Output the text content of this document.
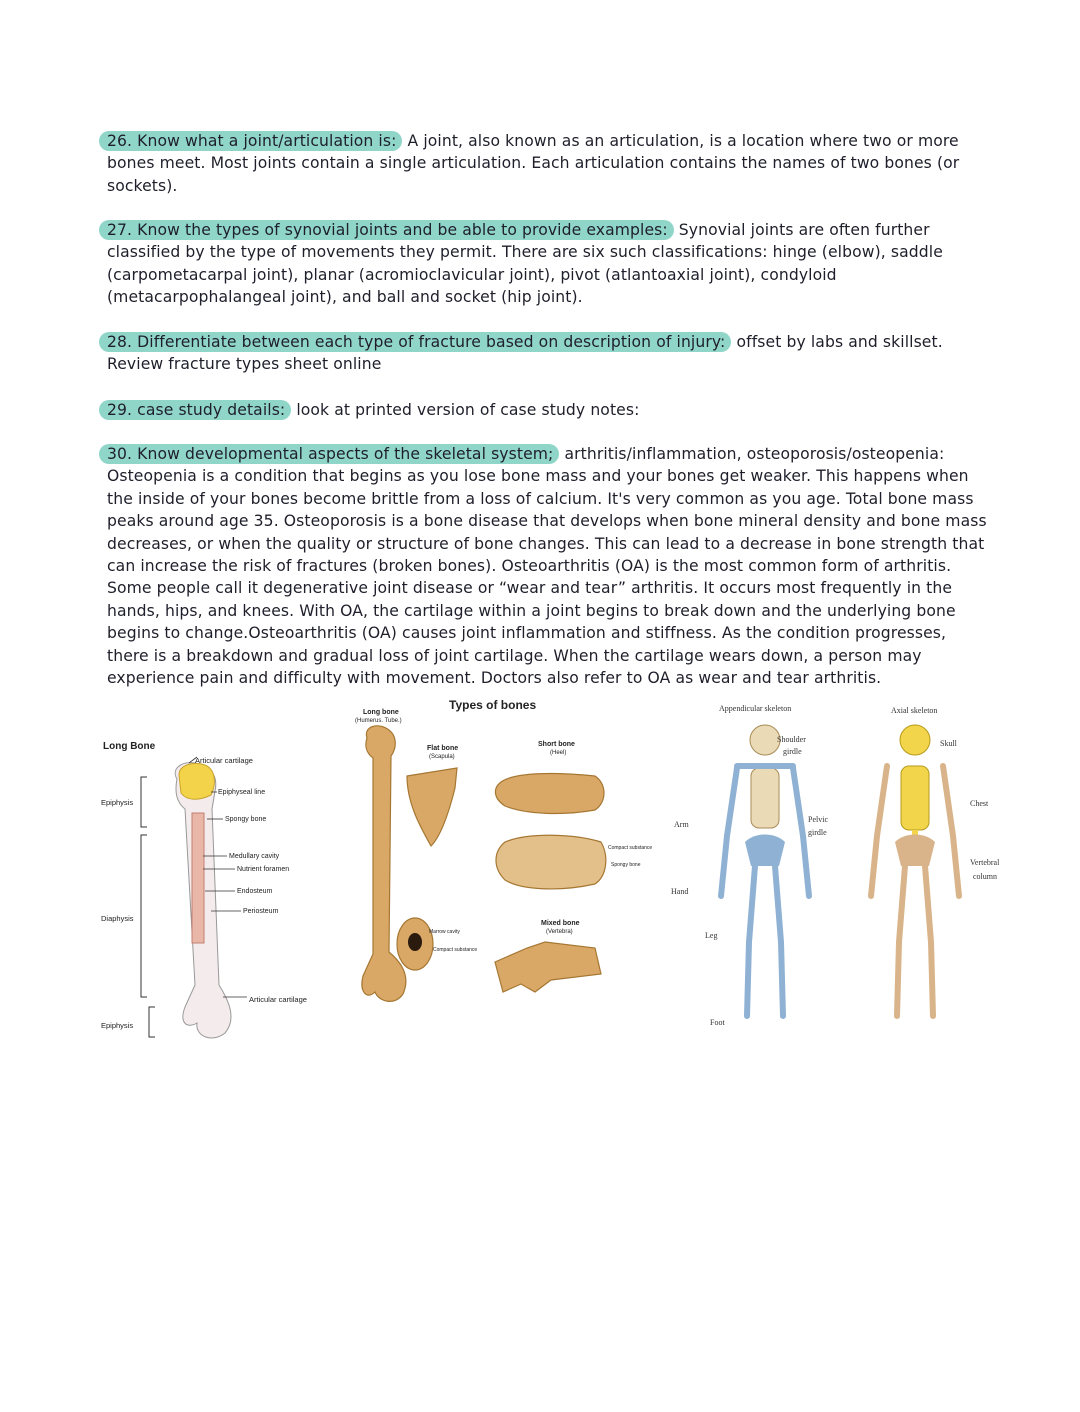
26. Know what a joint/articulation is: A joint, also known as an articulation, is a location where two or more bones meet. Most joints contain a single articulation. Each articulation contains the names of two bones (or sockets).
27. Know the types of synovial joints and be able to provide examples: Synovial joints are often further classified by the type of movements they permit. There are six such classifications: hinge (elbow), saddle (carpometacarpal joint), planar (acromioclavicular joint), pivot (atlantoaxial joint), condyloid (metacarpophalangeal joint), and ball and socket (hip joint).
28. Differentiate between each type of fracture based on description of injury: offset by labs and skillset. Review fracture types sheet online
29. case study details: look at printed version of case study notes:
30. Know developmental aspects of the skeletal system; arthritis/inflammation, osteoporosis/osteopenia: Osteopenia is a condition that begins as you lose bone mass and your bones get weaker. This happens when the inside of your bones become brittle from a loss of calcium. It's very common as you age. Total bone mass peaks around age 35. Osteoporosis is a bone disease that develops when bone mineral density and bone mass decreases, or when the quality or structure of bone changes. This can lead to a decrease in bone strength that can increase the risk of fractures (broken bones). Osteoarthritis (OA) is the most common form of arthritis. Some people call it degenerative joint disease or “wear and tear” arthritis. It occurs most frequently in the hands, hips, and knees. With OA, the cartilage within a joint begins to break down and the underlying bone begins to change.Osteoarthritis (OA) causes joint inflammation and stiffness. As the condition progresses, there is a breakdown and gradual loss of joint cartilage. When the cartilage wears down, a person may experience pain and difficulty with movement. Doctors also refer to OA as wear and tear arthritis.
Long Bone
Epiphysis
Diaphysis
Epiphysis
Articular cartilage
Epiphyseal line
Spongy bone
Medullary cavity
Nutrient foramen
Endosteum
Periosteum
Articular cartilage
Types of bones
Long bone
(Humerus. Tube.)
Flat bone
(Scapula)
Short bone
(Heel)
Compact substance
Spongy bone
Marrow cavity
Compact substance
Mixed bone
(Vertebra)
Appendicular skeleton	Axial skeleton
Shoulder
girdle
Pelvic
girdle
Arm
Hand
Leg
Foot
Skull
Chest
Vertebral
column
